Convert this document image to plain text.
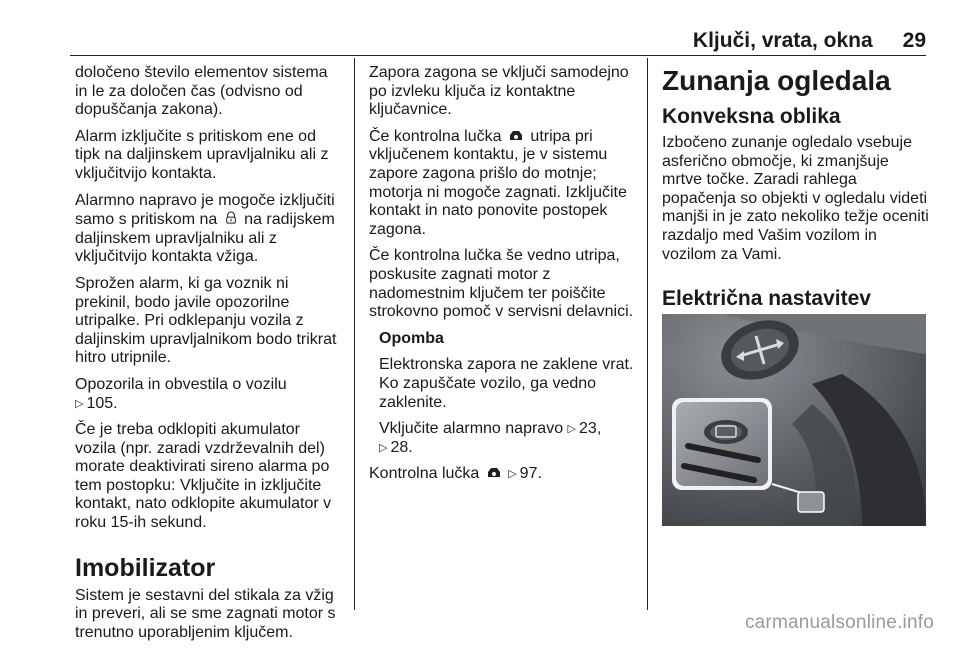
Ključi, vrata, okna 29

določeno število elementov sistema in le za določen čas (odvisno od dopuščanja zakona).

Alarm izključite s pritiskom ene od tipk na daljinskem upravljalniku ali z vključitvijo kontakta.

Alarmno napravo je mogoče izključiti samo s pritiskom na na radijskem daljinskem upravljalniku ali z vključitvijo kontakta vžiga.

Sprožen alarm, ki ga voznik ni prekinil, bodo javile opozorilne utripalke. Pri odklepanju vozila z daljinskim upravljalnikom bodo trikrat hitro utripnile.

Opozorila in obvestila o vozilu
▷ 105.

Če je treba odklopiti akumulator vozila (npr. zaradi vzdrževalnih del) morate deaktivirati sireno alarma po tem postopku: Vključite in izključite kontakt, nato odklopite akumulator v roku 15-ih sekund.

Imobilizator

Sistem je sestavni del stikala za vžig in preveri, ali se sme zagnati motor s trenutno uporabljenim ključem.

Zapora zagona se vključi samodejno po izvleku ključa iz kontaktne ključavnice.

Če kontrolna lučka utripa pri vključenem kontaktu, je v sistemu zapore zagona prišlo do motnje; motorja ni mogoče zagnati. Izključite kontakt in nato ponovite postopek zagona.

Če kontrolna lučka še vedno utripa, poskusite zagnati motor z nadomestnim ključem ter poiščite strokovno pomoč v servisni delavnici.

Opomba

Elektronska zapora ne zaklene vrat. Ko zapuščate vozilo, ga vedno zaklenite.

Vključite alarmno napravo ▷ 23,
▷ 28.

Kontrolna lučka	▷ 97.

Zunanja ogledala
Konveksna oblika

Izbočeno zunanje ogledalo vsebuje asferično območje, ki zmanjšuje mrtve točke. Zaradi rahlega popačenja so objekti v ogledalu videti manjši in je zato nekoliko težje oceniti razdaljo med Vašim vozilom in vozilom za Vami.

Električna nastavitev
carmanualsonline.info
